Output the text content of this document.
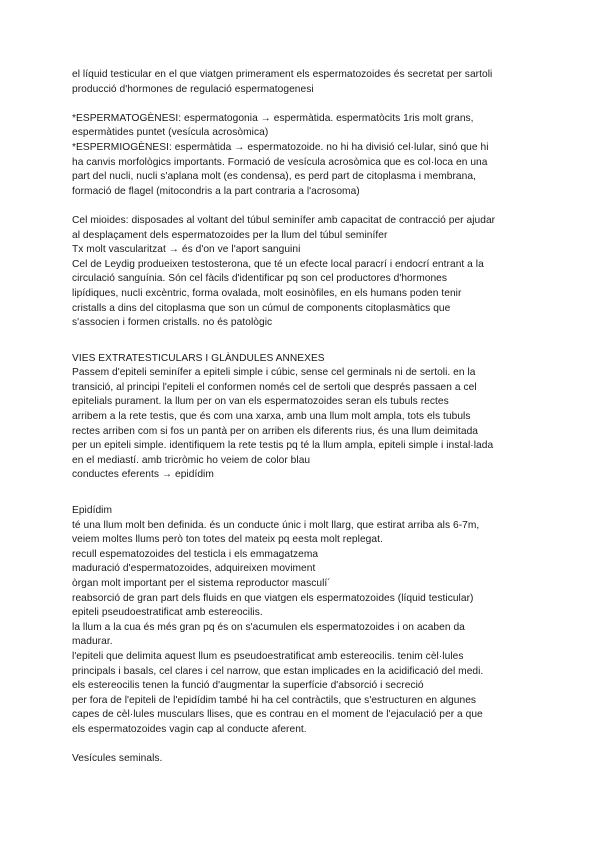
el líquid testicular en el que viatgen primerament els espermatozoides és secretat per sartoli
producció d'hormones de regulació espermatogenesi
*ESPERMATOGÈNESI: espermatogonia → espermàtida. espermatòcits 1ris molt grans,
espermàtides puntet (vesícula acrosòmica)
*ESPERMIOGÈNESI: espermàtida → espermatozoide. no hi ha divisió cel·lular, sinó que hi
ha canvis morfològics importants. Formació de vesícula acrosòmica que es col·loca en una
part del nucli, nucli s'aplana molt (es condensa), es perd part de citoplasma i membrana,
formació de flagel (mitocondris a la part contraria a l'acrosoma)
Cel mioides: disposades al voltant del túbul seminífer amb capacitat de contracció per ajudar
al desplaçament dels espermatozoides per la llum del túbul seminífer
Tx molt vascularitzat → és d'on ve l'aport sanguini
Cel de Leydig produeixen testosterona, que té un efecte local paracrí i endocrí entrant a la
circulació sanguínia. Són cel fàcils d'identificar pq son cel productores d'hormones
lipídiques, nucli excèntric, forma ovalada, molt eosinòfiles, en els humans poden tenir
cristalls a dins del citoplasma que son un cúmul de components citoplasmàtics que
s'associen i formen cristalls. no és patològic
VIES EXTRATESTICULARS I GLÀNDULES ANNEXES
Passem d'epiteli seminífer a epiteli simple i cúbic, sense cel germinals ni de sertoli. en la
transició, al principi l'epiteli el conformen només cel de sertoli que després passaen a cel
epitelials purament. la llum per on van els espermatozoides seran els tubuls rectes
arribem a la rete testis, que és com una xarxa, amb una llum molt ampla, tots els tubuls
rectes arriben com si fos un pantà per on arriben els diferents rius, és una llum deimitada
per un epiteli simple. identifiquem la rete testis pq té la llum ampla, epiteli simple i instal·lada
en el mediastí. amb tricròmic ho veiem de color blau
conductes eferents → epidídim
Epidídim
té una llum molt ben definida. és un conducte únic i molt llarg, que estirat arriba als 6-7m,
veiem moltes llums però ton totes del mateix pq eesta molt replegat.
recull espematozoides del testicla i els emmagatzema
maduració d'espermatozoides, adquireixen moviment
òrgan molt important per el sistema reproductor masculí´
reabsorció de gran part dels fluids en que viatgen els espermatozoides (líquid testicular)
epiteli pseudoestratificat amb estereocilis.
la llum a la cua és més gran pq és on s'acumulen els espermatozoides i on acaben da
madurar.
l'epiteli que delimita aquest llum es pseudoestratificat amb estereocilis. tenim cèl·lules
principals i basals, cel clares i cel narrow, que estan implicades en la acidificació del medi.
els estereocilis tenen la funció d'augmentar la superfície d'absorció i secreció
per fora de l'epiteli de l'epidídim també hi ha cel contràctils, que s'estructuren en algunes
capes de cèl·lules musculars llises, que es contrau en el moment de l'ejaculació per a que
els espermatozoides vagin cap al conducte aferent.
Vesícules seminals.
